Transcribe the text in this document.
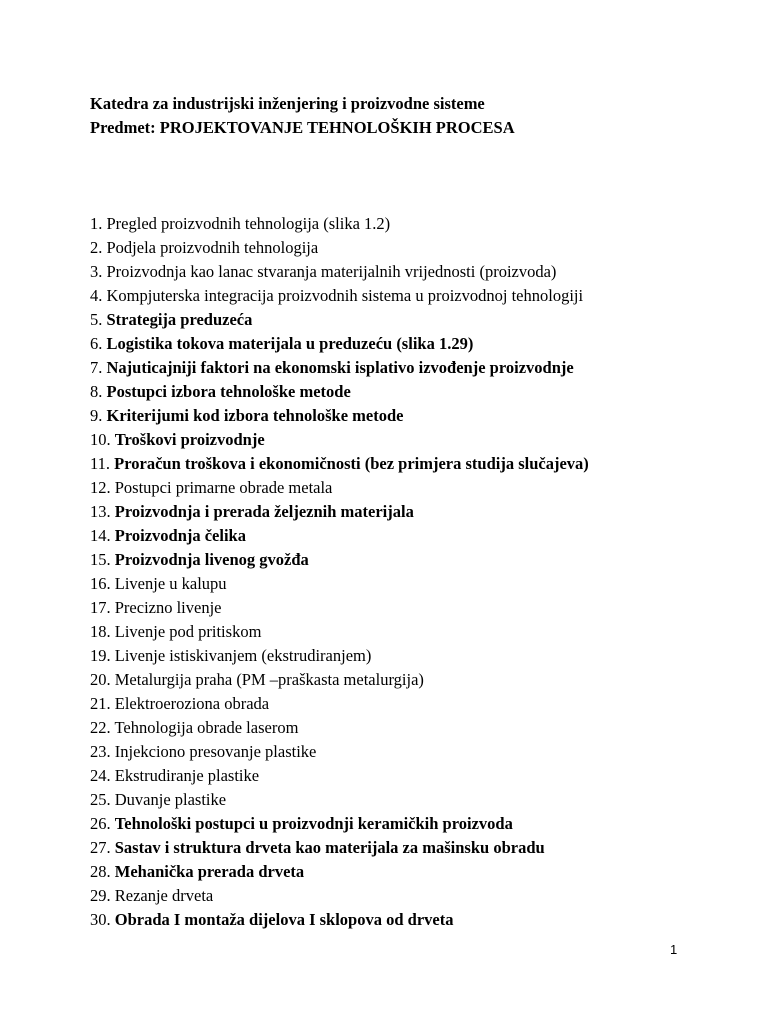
Katedra za industrijski inženjering i proizvodne sisteme
Predmet: PROJEKTOVANJE TEHNOLOŠKIH PROCESA
1. Pregled proizvodnih tehnologija (slika 1.2)
2. Podjela proizvodnih tehnologija
3. Proizvodnja kao lanac stvaranja materijalnih vrijednosti (proizvoda)
4. Kompjuterska integracija proizvodnih sistema u proizvodnoj tehnologiji
5. Strategija preduzeća
6. Logistika tokova materijala u preduzeću (slika 1.29)
7. Najuticajniji faktori na ekonomski isplativo izvođenje proizvodnje
8. Postupci izbora tehnološke metode
9. Kriterijumi kod izbora tehnološke metode
10. Troškovi proizvodnje
11. Proračun troškova i ekonomičnosti (bez primjera studija slučajeva)
12. Postupci primarne obrade metala
13. Proizvodnja i prerada željeznih materijala
14. Proizvodnja čelika
15. Proizvodnja livenog gvožđa
16. Livenje u kalupu
17. Precizno livenje
18. Livenje pod pritiskom
19. Livenje istiskivanjem (ekstrudiranjem)
20. Metalurgija praha (PM –praškasta metalurgija)
21. Elektroeroziona obrada
22. Tehnologija obrade laserom
23. Injekciono presovanje plastike
24. Ekstrudiranje plastike
25. Duvanje plastike
26. Tehnološki postupci u proizvodnji keramičkih proizvoda
27. Sastav i struktura drveta kao materijala za mašinsku obradu
28. Mehanička prerada drveta
29. Rezanje drveta
30. Obrada I montaža dijelova I sklopova od drveta
1
